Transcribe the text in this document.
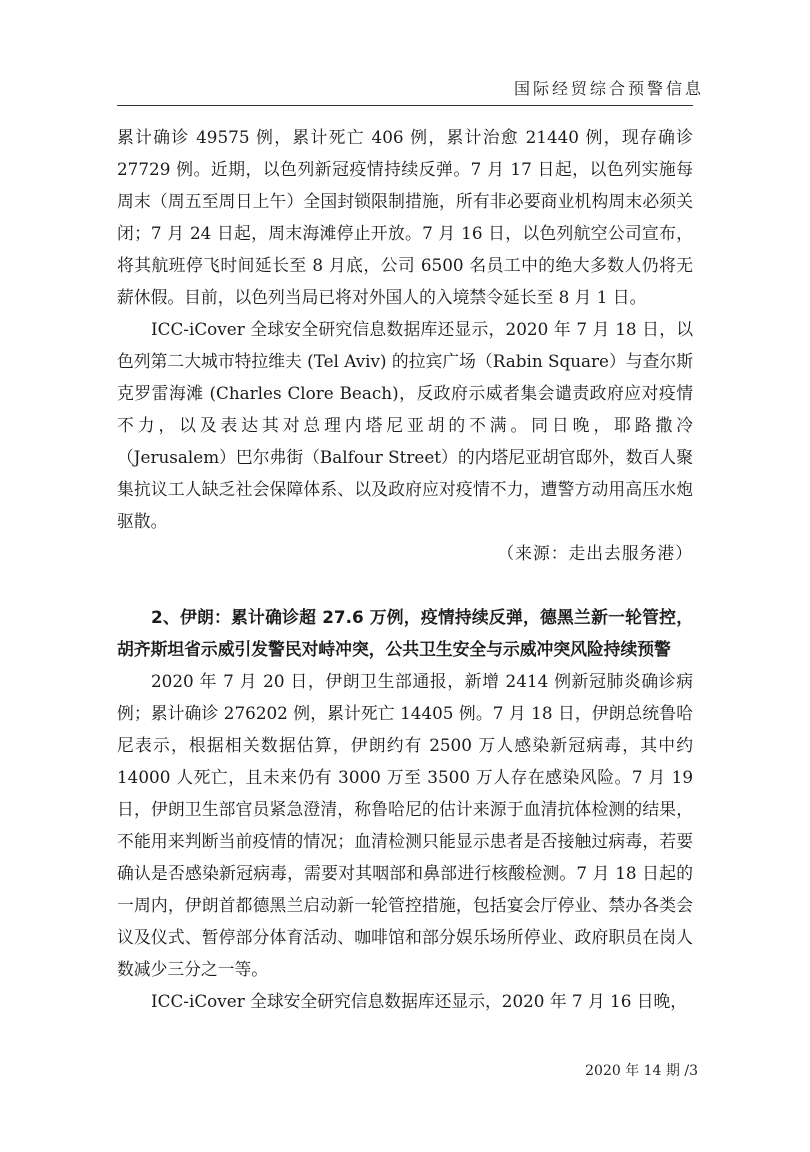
国际经贸综合预警信息

累计确诊 49575 例，累计死亡 406 例，累计治愈 21440 例，现存确诊 27729 例。近期，以色列新冠疫情持续反弹。7 月 17 日起，以色列实施每周末（周五至周日上午）全国封锁限制措施，所有非必要商业机构周末必须关闭；7 月 24 日起，周末海滩停止开放。7 月 16 日，以色列航空公司宣布，将其航班停飞时间延长至 8 月底，公司 6500 名员工中的绝大多数人仍将无薪休假。目前，以色列当局已将对外国人的入境禁令延长至 8 月 1 日。

ICC-iCover 全球安全研究信息数据库还显示，2020 年 7 月 18 日，以色列第二大城市特拉维夫 (Tel Aviv) 的拉宾广场（Rabin Square）与查尔斯克罗雷海滩 (Charles Clore Beach)，反政府示威者集会谴责政府应对疫情不力，以及表达其对总理内塔尼亚胡的不满。同日晚，耶路撒冷（Jerusalem）巴尔弗街（Balfour Street）的内塔尼亚胡官邸外，数百人聚集抗议工人缺乏社会保障体系、以及政府应对疫情不力，遭警方动用高压水炮驱散。

（来源：走出去服务港）

2、伊朗：累计确诊超 27.6 万例，疫情持续反弹，德黑兰新一轮管控，胡齐斯坦省示威引发警民对峙冲突，公共卫生安全与示威冲突风险持续预警

2020 年 7 月 20 日，伊朗卫生部通报，新增 2414 例新冠肺炎确诊病例；累计确诊 276202 例，累计死亡 14405 例。7 月 18 日，伊朗总统鲁哈尼表示，根据相关数据估算，伊朗约有 2500 万人感染新冠病毒，其中约 14000 人死亡，且未来仍有 3000 万至 3500 万人存在感染风险。7 月 19 日，伊朗卫生部官员紧急澄清，称鲁哈尼的估计来源于血清抗体检测的结果，不能用来判断当前疫情的情况；血清检测只能显示患者是否接触过病毒，若要确认是否感染新冠病毒，需要对其咽部和鼻部进行核酸检测。7 月 18 日起的一周内，伊朗首都德黑兰启动新一轮管控措施，包括宴会厅停业、禁办各类会议及仪式、暂停部分体育活动、咖啡馆和部分娱乐场所停业、政府职员在岗人数减少三分之一等。

ICC-iCover 全球安全研究信息数据库还显示，2020 年 7 月 16 日晚，

2020 年 14 期 /3
